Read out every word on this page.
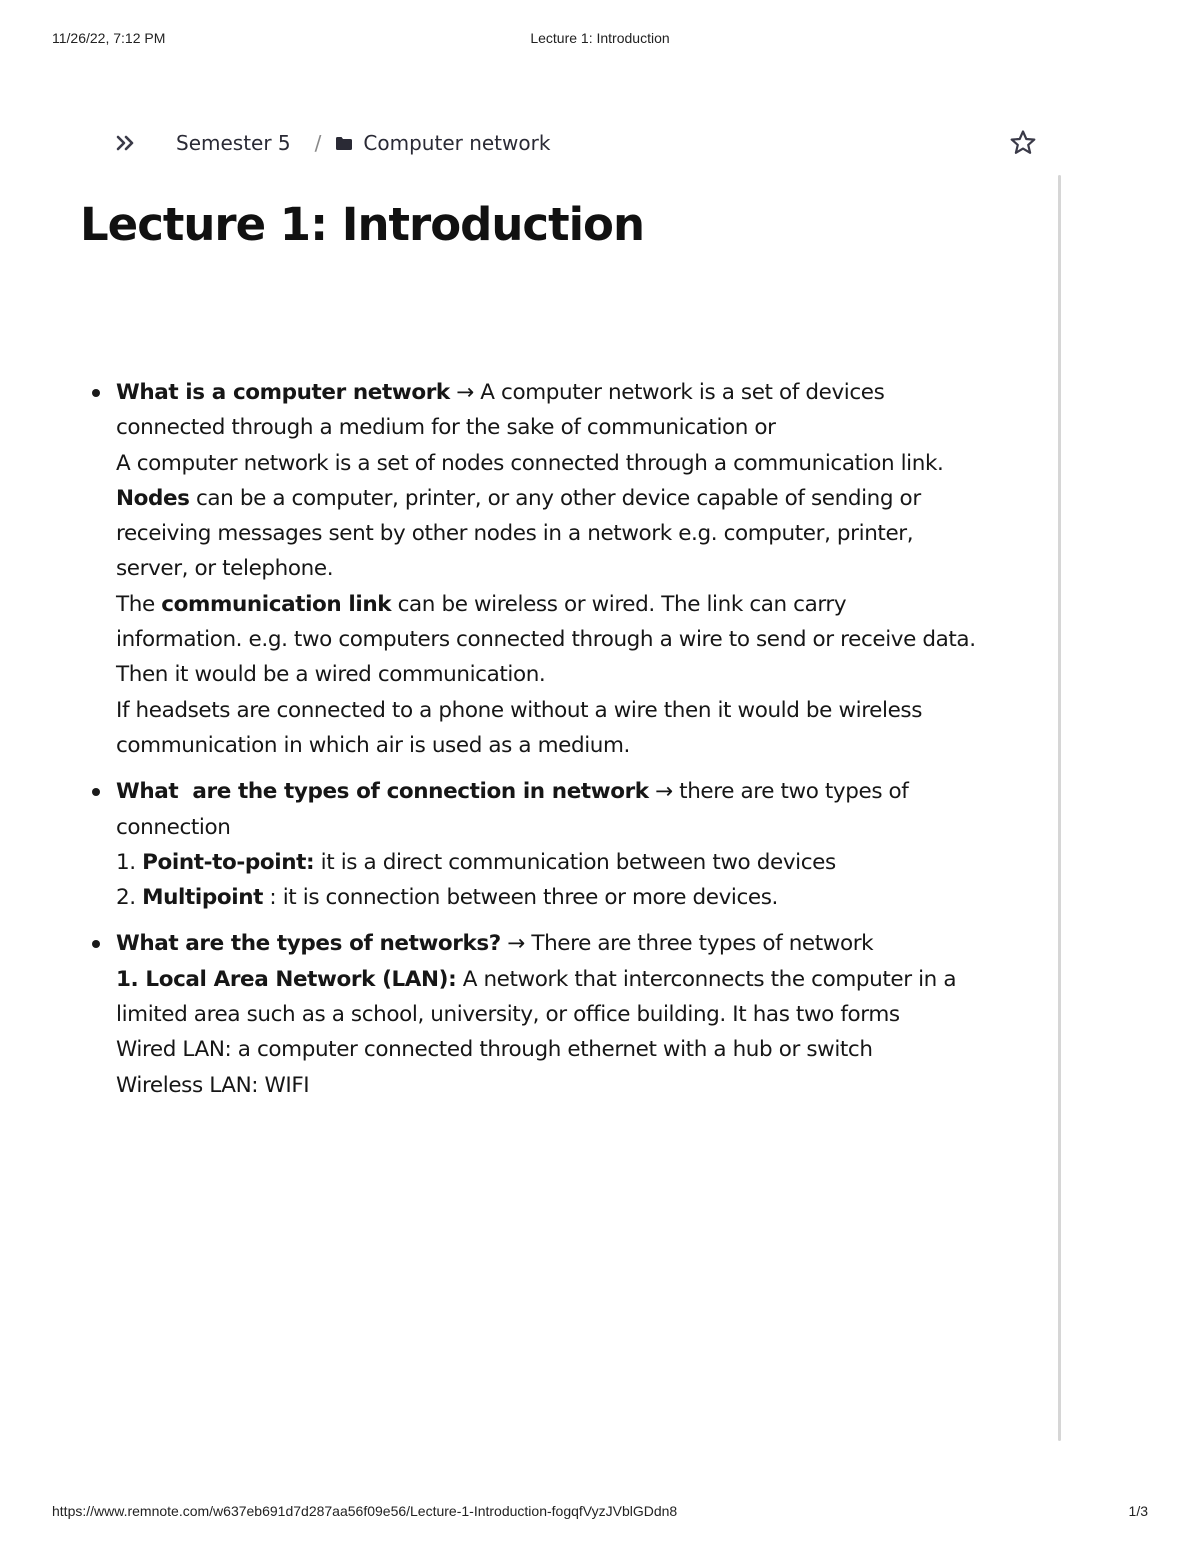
11/26/22, 7:12 PM	Lecture 1: Introduction
Semester 5 / Computer network
Lecture 1: Introduction
What is a computer network → A computer network is a set of devices connected through a medium for the sake of communication or
A computer network is a set of nodes connected through a communication link.
Nodes can be a computer, printer, or any other device capable of sending or receiving messages sent by other nodes in a network e.g. computer, printer, server, or telephone.
The communication link can be wireless or wired. The link can carry information. e.g. two computers connected through a wire to send or receive data. Then it would be a wired communication.
If headsets are connected to a phone without a wire then it would be wireless communication in which air is used as a medium.
What  are the types of connection in network → there are two types of connection
1. Point-to-point: it is a direct communication between two devices
2. Multipoint : it is connection between three or more devices.
What are the types of networks? → There are three types of network
1. Local Area Network (LAN): A network that interconnects the computer in a limited area such as a school, university, or office building. It has two forms
Wired LAN: a computer connected through ethernet with a hub or switch
Wireless LAN: WIFI
https://www.remnote.com/w637eb691d7d287aa56f09e56/Lecture-1-Introduction-fogqfVyzJVblGDdn8	1/3
